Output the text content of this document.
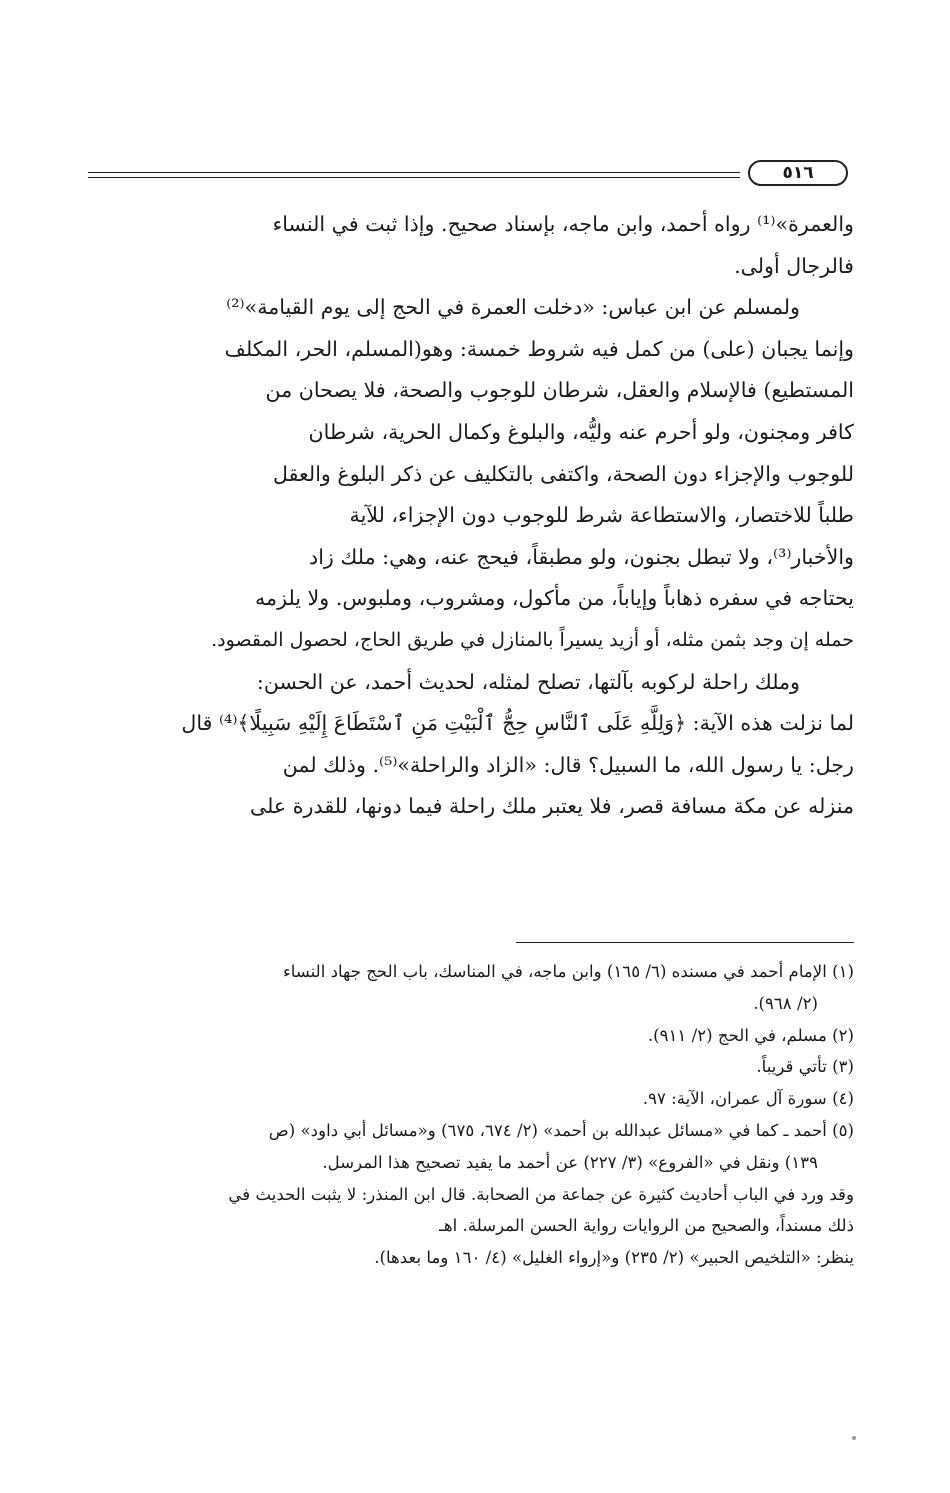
٥١٦

والعمرة»⁽¹⁾ رواه أحمد، وابن ماجه، بإسناد صحيح. وإذا ثبت في النساء
فالرجال أولى.

ولمسلم عن ابن عباس: «دخلت العمرة في الحج إلى يوم القيامة»⁽²⁾

وإنما يجبان (على) من كمل فيه شروط خمسة: وهو(المسلم، الحر، المكلف
المستطيع) فالإسلام والعقل، شرطان للوجوب والصحة، فلا يصحان من
كافر ومجنون، ولو أحرم عنه وليُّه، والبلوغ وكمال الحرية، شرطان
للوجوب والإجزاء دون الصحة، واكتفى بالتكليف عن ذكر البلوغ والعقل
طلباً للاختصار، والاستطاعة شرط للوجوب دون الإجزاء، للآية
والأخبار⁽³⁾، ولا تبطل بجنون، ولو مطبقاً، فيحج عنه، وهي: ملك زاد
يحتاجه في سفره ذهاباً وإياباً، من مأكول، ومشروب، وملبوس. ولا يلزمه
حمله إن وجد بثمن مثله، أو أزيد يسيراً بالمنازل في طريق الحاج، لحصول المقصود.

وملك راحلة لركوبه بآلتها، تصلح لمثله، لحديث أحمد، عن الحسن:
لما نزلت هذه الآية: ﴿وَلِلَّهِ عَلَى ٱلنَّاسِ حِجُّ ٱلْبَيْتِ مَنِ ٱسْتَطَاعَ إِلَيْهِ سَبِيلًا﴾⁽⁴⁾ قال
رجل: يا رسول الله، ما السبيل؟ قال: «الزاد والراحلة»⁽⁵⁾. وذلك لمن
منزله عن مكة مسافة قصر، فلا يعتبر ملك راحلة فيما دونها، للقدرة على

(١) الإمام أحمد في مسنده (٦/ ١٦٥) وابن ماجه، في المناسك، باب الحج جهاد النساء
(٢/ ٩٦٨).

(٢) مسلم، في الحج (٢/ ٩١١).

(٣) تأتي قريباً.

(٤) سورة آل عمران، الآية: ٩٧.

(٥) أحمد ـ كما في «مسائل عبدالله بن أحمد» (٢/ ٦٧٤، ٦٧٥) و«مسائل أبي داود» (ص
١٣٩) ونقل في «الفروع» (٣/ ٢٢٧) عن أحمد ما يفيد تصحيح هذا المرسل.

وقد ورد في الباب أحاديث كثيرة عن جماعة من الصحابة. قال ابن المنذر: لا يثبت الحديث في
ذلك مسنداً، والصحيح من الروايات رواية الحسن المرسلة. اهـ
ينظر: «التلخيص الحبير» (٢/ ٢٣٥) و«إرواء الغليل» (٤/ ١٦٠ وما بعدها).
